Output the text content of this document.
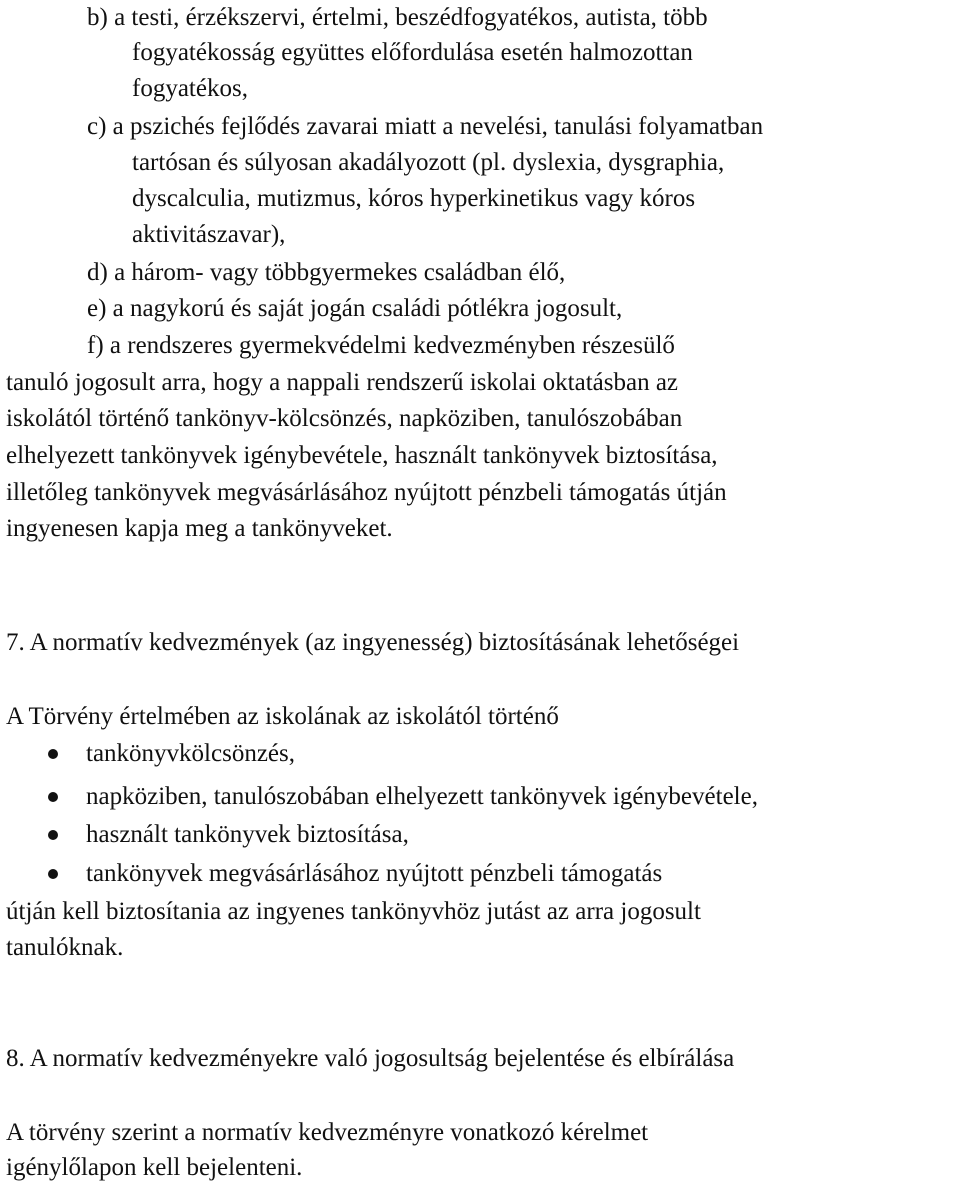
b) a testi, érzékszervi, értelmi, beszédfogyatékos, autista, több
fogyatékosság együttes előfordulása esetén halmozottan
fogyatékos,
c) a pszichés fejlődés zavarai miatt a nevelési, tanulási folyamatban
tartósan és súlyosan akadályozott (pl. dyslexia, dysgraphia,
dyscalculia, mutizmus, kóros hyperkinetikus vagy kóros
aktivitászavar),
d) a három- vagy többgyermekes családban élő,
e) a nagykorú és saját jogán családi pótlékra jogosult,
f) a rendszeres gyermekvédelmi kedvezményben részesülő
tanuló jogosult arra, hogy a nappali rendszerű iskolai oktatásban az
iskolától történő tankönyv-kölcsönzés, napköziben, tanulószobában
elhelyezett tankönyvek igénybevétele, használt tankönyvek biztosítása,
illetőleg tankönyvek megvásárlásához nyújtott pénzbeli támogatás útján
ingyenesen kapja meg a tankönyveket.
7. A normatív kedvezmények (az ingyenesség) biztosításának lehetőségei
A Törvény értelmében az iskolának az iskolától történő
tankönyvkölcsönzés,
napköziben, tanulószobában elhelyezett tankönyvek igénybevétele,
használt tankönyvek biztosítása,
tankönyvek megvásárlásához nyújtott pénzbeli támogatás
útján kell biztosítania az ingyenes tankönyvhöz jutást az arra jogosult
tanulóknak.
8. A normatív kedvezményekre való jogosultság bejelentése és elbírálása
A törvény szerint a normatív kedvezményre vonatkozó kérelmet
igénylőlapon kell bejelenteni.
